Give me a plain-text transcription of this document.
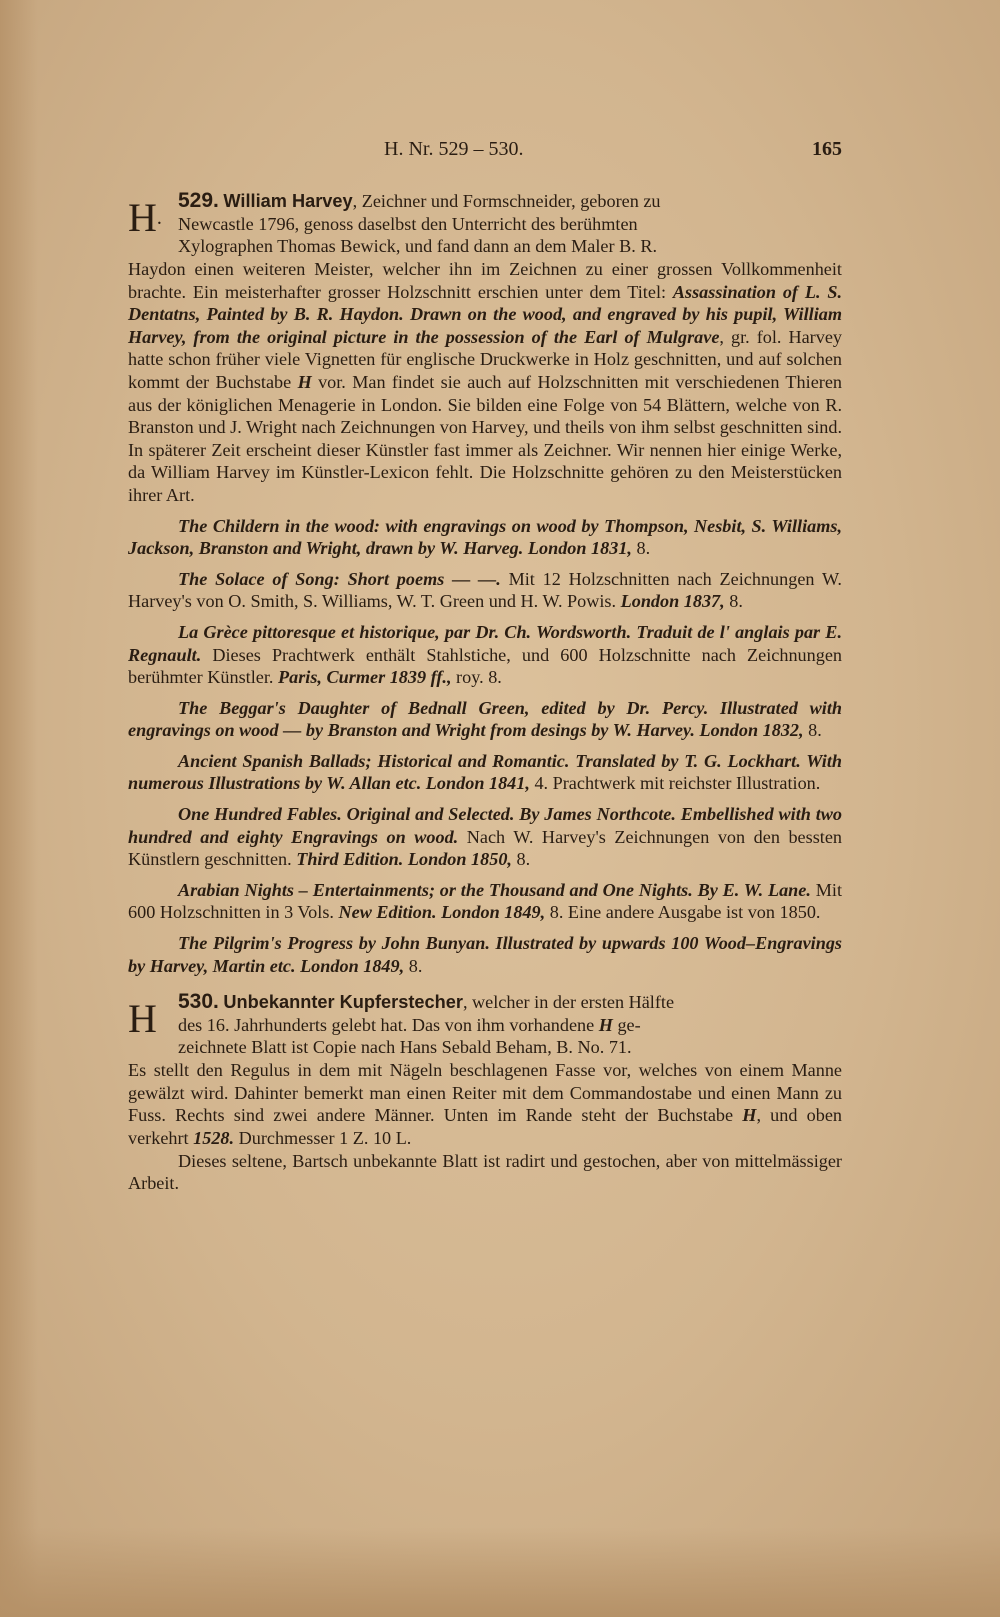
H. Nr. 529 – 530.	165
H.

529. William Harvey, Zeichner und Formschneider, geboren zu
Newcastle 1796, genoss daselbst den Unterricht des berühmten
Xylographen Thomas Bewick, und fand dann an dem Maler B. R.

Haydon einen weiteren Meister, welcher ihn im Zeichnen zu einer grossen Vollkommenheit brachte. Ein meisterhafter grosser Holzschnitt erschien unter dem Titel: Assassination of L. S. Dentatns, Painted by B. R. Haydon. Drawn on the wood, and engraved by his pupil, William Harvey, from the original picture in the possession of the Earl of Mulgrave, gr. fol. Harvey hatte schon früher viele Vignetten für englische Druckwerke in Holz geschnitten, und auf solchen kommt der Buchstabe H vor. Man findet sie auch auf Holzschnitten mit verschiedenen Thieren aus der königlichen Menagerie in London. Sie bilden eine Folge von 54 Blättern, welche von R. Branston und J. Wright nach Zeichnungen von Harvey, und theils von ihm selbst geschnitten sind. In späterer Zeit erscheint dieser Künstler fast immer als Zeichner. Wir nennen hier einige Werke, da William Harvey im Künstler-Lexicon fehlt. Die Holzschnitte gehören zu den Meisterstücken ihrer Art.

The Childern in the wood: with engravings on wood by Thompson, Nesbit, S. Williams, Jackson, Branston and Wright, drawn by W. Harveg. London 1831, 8.

The Solace of Song: Short poems — —. Mit 12 Holzschnitten nach Zeichnungen W. Harvey's von O. Smith, S. Williams, W. T. Green und H. W. Powis. London 1837, 8.

La Grèce pittoresque et historique, par Dr. Ch. Wordsworth. Traduit de l' anglais par E. Regnault. Dieses Prachtwerk enthält Stahlstiche, und 600 Holzschnitte nach Zeichnungen berühmter Künstler. Paris, Curmer 1839 ff., roy. 8.

The Beggar's Daughter of Bednall Green, edited by Dr. Percy. Illustrated with engravings on wood — by Branston and Wright from desings by W. Harvey. London 1832, 8.

Ancient Spanish Ballads; Historical and Romantic. Translated by T. G. Lockhart. With numerous Illustrations by W. Allan etc. London 1841, 4. Prachtwerk mit reichster Illustration.

One Hundred Fables. Original and Selected. By James Northcote. Embellished with two hundred and eighty Engravings on wood. Nach W. Harvey's Zeichnungen von den bessten Künstlern geschnitten. Third Edition. London 1850, 8.

Arabian Nights – Entertainments; or the Thousand and One Nights. By E. W. Lane. Mit 600 Holzschnitten in 3 Vols. New Edition. London 1849, 8. Eine andere Ausgabe ist von 1850.

The Pilgrim's Progress by John Bunyan. Illustrated by upwards 100 Wood–Engravings by Harvey, Martin etc. London 1849, 8.

H 530. Unbekannter Kupferstecher, welcher in der ersten Hälfte
des 16. Jahrhunderts gelebt hat. Das von ihm vorhandene H ge-
zeichnete Blatt ist Copie nach Hans Sebald Beham, B. No. 71.

Es stellt den Regulus in dem mit Nägeln beschlagenen Fasse vor, welches von einem Manne gewälzt wird. Dahinter bemerkt man einen Reiter mit dem Commandostabe und einen Mann zu Fuss. Rechts sind zwei andere Männer. Unten im Rande steht der Buchstabe H, und oben verkehrt 1528. Durchmesser 1 Z. 10 L.

Dieses seltene, Bartsch unbekannte Blatt ist radirt und gestochen, aber von mittelmässiger Arbeit.
